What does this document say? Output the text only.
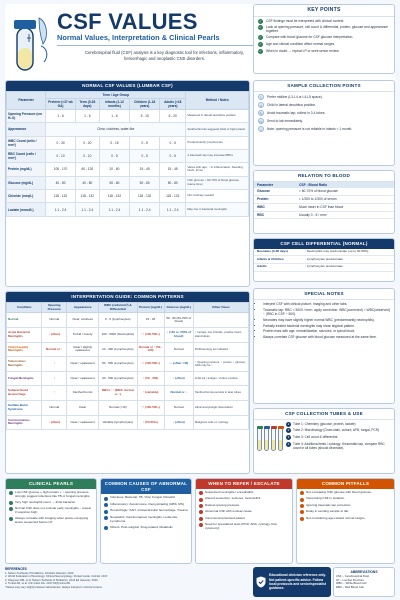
CSF VALUES
Normal Values, Interpretation & Clinical Pearls
Cerebrospinal fluid (CSF) analysis is a key diagnostic tool for infections, inflammatory, hemorrhagic and neoplastic CNS disorders.
KEY POINTS
✓	CSF findings must be interpreted with clinical context.
✓	Look at opening pressure, cell count & differential, protein, glucose and appearance together.
✓	Compare with blood glucose for CSF glucose interpretation.
✓	Age and clinical condition affect normal ranges.
✓	When in doubt → repeat LP or seek senior review.
NORMAL CSF VALUES (LUMBAR CSF)
Parameter	Term / Age Group					Method / Notes
	Preterm (<37 wk GA)	Term (0-28 days)	Infants (1-12 months)	Children (1-18 years)	Adults (>18 years)	
Opening Pressure (cm H₂O)	1 - 6	1 - 6	1 - 6	5 - 15	6 - 20	Measured in lateral decubitus position
Appearance	Clear, colorless, water-like					Xanthochromia suggests SAH or high protein
WBC Count (cells / mm³)	0 - 30	0 - 20	0 - 15	0 - 5	0 - 5	Predominantly lymphocytes
RBC Count (cells / mm³)	0 - 10	0 - 10	0 - 5	0 - 5	0 - 5	A traumatic tap may increase RBCs
Protein (mg/dL)	100 - 170	60 - 120	20 - 60	15 - 45	15 - 45	Varies with age; ↑ in inflammation, bleeding, block, tumor
Glucose (mg/dL)	40 - 80	40 - 80	50 - 80	50 - 80	50 - 80	CSF glucose ≈ 60-70% of blood glucose (same time)
Chloride (meq/L)	118 - 132	118 - 132	118 - 132	118 - 132	118 - 132	Not routinely needed
Lactate (mmol/L)	1.1 - 2.4	1.1 - 2.4	1.1 - 2.4	1.1 - 2.4	1.1 - 2.4	May rise in bacterial meningitis
SAMPLE COLLECTION POINTS
⌇	Prefer midline (L3-L4 or L4-L5 space).
☺	Child in lateral decubitus position.
✎	Avoid traumatic tap; collect in 3-4 tubes.
◷	Send to lab immediately.
i	Note: opening pressure is not reliable in infants < 1 month.
RELATION TO BLOOD
Parameter	CSF : Blood Ratio
Glucose	≈ 60-70% of blood glucose
Protein	≈ 1/200 to 1/300 of serum
WBC	Much lower in CSF than blood
RBC	Usually 0 - 5 / mm³
CSF CELL DIFFERENTIAL (NORMAL)
Neonates (0-28 days)	: Neutrophils may predominate (up to 30-50%)
Infants & Children	: Lymphocytes predominate.
Adults	: Lymphocytes predominate.
INTERPRETATION GUIDE: COMMON PATTERNS
Condition	Opening Pressure	Appearance	WBC (cells/mm³) & Differential	Protein (mg/dL)	Glucose (mg/dL)	Other Clues
Normal	Normal	Clear, colorless	0 - 5 (lymphocytes)	15 - 45	50 - 80 (60-70% of blood)	
Acute Bacterial Meningitis	↑ (often)	Turbid / cloudy	100 - 5000 (Neutrophils)	↑↑ (100-500+)	↓ (<40 or <50% of blood)	↑ Lactate, low chloride, positive Gram stain/culture
Viral (Aseptic) Meningitis	Normal or ↑	Clear / slightly opalescent	10 - 300 (Lymphocytes)	Normal or ↑ (50 - 100)	Normal	PCR/serology as indicated
Tuberculous Meningitis	↑	Clear / opalescent	50 - 500 (Lymphocytes)	↑↑ (100-500+)	↓↓ (often <45)	↑ Opening pressure, ↑ protein, ↓ glucose; ADA may be ↑
Fungal Meningitis	↑	Clear / opalescent	20 - 500 (Lymphocytes)	↑ (50 - 200)	↓ (often)	India ink / antigen / culture positive
Subarachnoid Hemorrhage	↑	Xanthochromic	RBCs ↑↑ (WBC normal or ↑)	↑ (variable)	Normal or ↓	Xanthochromia persists in later tubes
Guillain-Barré Syndrome	Normal	Clear	Normal (<10)	↑↑ (100-500+)	Normal	Albuminocytologic dissociation
Carcinomatous Meningitis	↑ (often)	Clear / opalescent	Variable (lymphocytes)	↑ (50-500+)	↓ (often)	Malignant cells on cytology
SPECIAL NOTES
• Interpret CSF with clinical picture, imaging and other labs.
• Traumatic tap: RBC ≈ 5000 / mm³; apply correction: WBC(corrected) = WBC(observed) − (RBC in CSF ÷ 500).
• Neonates may have slightly higher normal WBC (predominantly neutrophils).
• Partially treated bacterial meningitis may show atypical pattern.
• Protein rises with age, immobilization, seizures, or spinal block.
• Always correlate CSF glucose with blood glucose measured at the same time.
CSF COLLECTION TUBES & USE
1	Tube 1: Chemistry (glucose, protein, lactate)
2	Tube 2: Microbiology (Gram stain, culture, AFB, fungal, PCR)
3	Tube 3: Cell count & differential
4	Tube 4: Additional tests / cytology. If traumatic tap, compare RBC count in all tubes (should decrease).
CLINICAL PEARLS
Low CSF glucose + high protein + ↑ opening pressure strongly suggest infections like TB or fungal meningitis.
Very high neutrophil count → think bacterial.
Normal CSF does not exclude early meningitis – repeat if suspicion high.
Always correlate with imaging when space-occupying lesion suspected before LP.
COMMON CAUSES OF ABNORMAL CSF
Infectious: Bacterial, TB, Viral, Fungal, Parasitic
Inflammatory: Autoimmune, Demyelinating (GBS, MS)
Hemorrhagic: SAH, Intraventricular hemorrhage, Trauma
Neoplastic: Carcinomatous meningitis, Leukemia, Lymphoma
Others: Post-surgical, Drug-related, Metabolic
WHEN TO REFER / ESCALATE
Suspected meningitis / encephalitis
Altered sensorium, seizures, focal deficit
Raised opening pressure
Abnormal CSF with unclear cause
Immunocompromised patient
Need for specialized tests (PCR, ADA, cytology, flow cytometry)
COMMON PITFALLS
Not correlating CSF glucose with blood glucose.
Interpreting CSF in isolation.
Ignoring traumatic tap correction.
Delay in sending sample to lab.
Not considering age-related normal ranges.
REFERENCES
1. Nelson Textbook of Pediatrics, 22nd Ed. Elsevier; 2020.
2. World Federation of Neurology. Clinical Neurocytology. Pocket Guide. 2nd Ed. 2017.
3. Kliegman RM, et al. Nelson Textbook of Pediatrics, 22nd Ed. Elsevier; 2020.
4. Tunkel AR, et al. Clin Infect Dis. 2017;64(6):e34-e65.
*Values may vary slightly between laboratories; always interpret in clinical context.
Educational clinician reference only. Not patient-specific advice. Follow local protocols and senior/specialist guidance.
ABBREVIATIONS
CSF – Cerebrospinal Fluid
LP – Lumbar Puncture
WBC – White Blood Cell
RBC – Red Blood Cell
